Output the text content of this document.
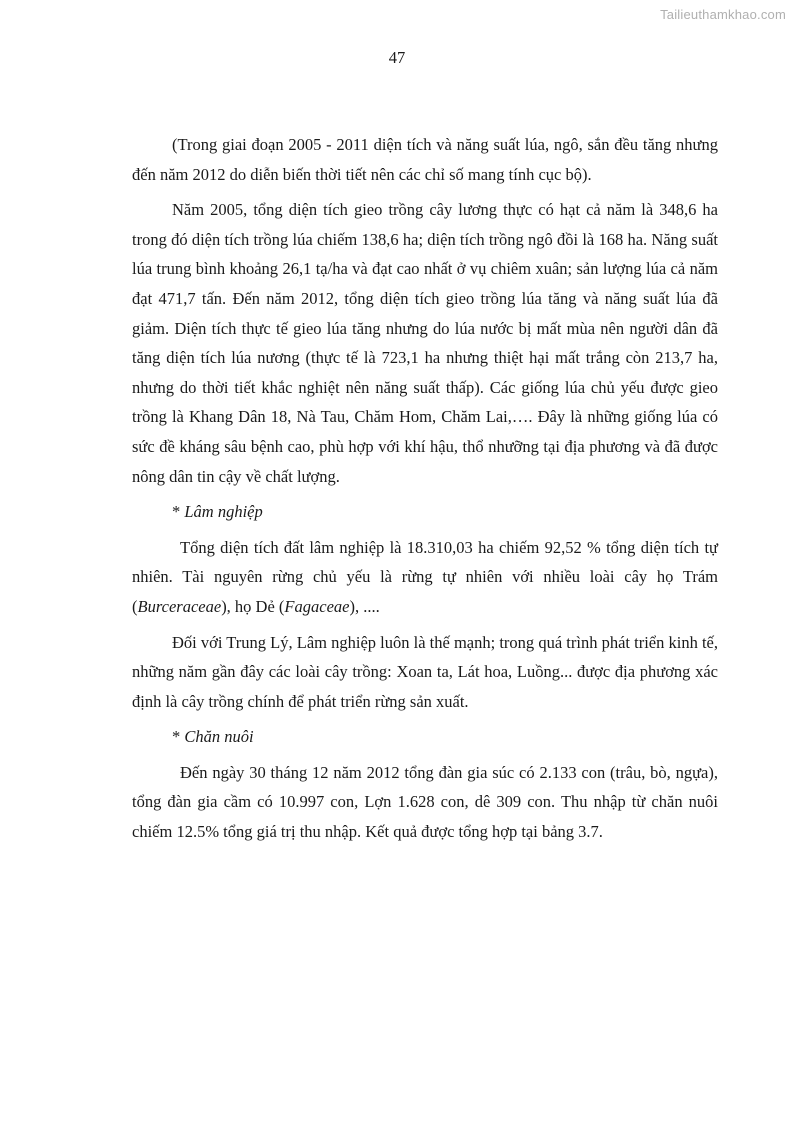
Tailieuthamkhao.com
47

(Trong giai đoạn 2005 - 2011 diện tích và năng suất lúa, ngô, sắn đều tăng nhưng đến năm 2012 do diễn biến thời tiết nên các chỉ số mang tính cục bộ).

Năm 2005, tổng diện tích gieo trồng cây lương thực có hạt cả năm là 348,6 ha trong đó diện tích trồng lúa chiếm 138,6 ha; diện tích trồng ngô đồi là 168 ha. Năng suất lúa trung bình khoảng 26,1 tạ/ha và đạt cao nhất ở vụ chiêm xuân; sản lượng lúa cả năm đạt 471,7 tấn. Đến năm 2012, tổng diện tích gieo trồng lúa tăng và năng suất lúa đã giảm. Diện tích thực tế gieo lúa tăng nhưng do lúa nước bị mất mùa nên người dân đã tăng diện tích lúa nương (thực tế là 723,1 ha nhưng thiệt hại mất trắng còn 213,7 ha, nhưng do thời tiết khắc nghiệt nên năng suất thấp). Các giống lúa chủ yếu được gieo trồng là Khang Dân 18, Nà Tau, Chăm Hom, Chăm Lai,…. Đây là những giống lúa có sức đề kháng sâu bệnh cao, phù hợp với khí hậu, thổ nhưỡng tại địa phương và đã được nông dân tin cậy về chất lượng.

* Lâm nghiệp

Tổng diện tích đất lâm nghiệp là 18.310,03 ha chiếm 92,52 % tổng diện tích tự nhiên. Tài nguyên rừng chủ yếu là rừng tự nhiên với nhiều loài cây họ Trám (Burceraceae), họ Dẻ (Fagaceae), ....

Đối với Trung Lý, Lâm nghiệp luôn là thế mạnh; trong quá trình phát triển kinh tế, những năm gần đây các loài cây trồng: Xoan ta, Lát hoa, Luồng... được địa phương xác định là cây trồng chính để phát triển rừng sản xuất.

* Chăn nuôi

Đến ngày 30 tháng 12 năm 2012 tổng đàn gia súc có 2.133 con (trâu, bò, ngựa), tổng đàn gia cầm có 10.997 con, Lợn 1.628 con, dê 309 con. Thu nhập từ chăn nuôi chiếm 12.5% tổng giá trị thu nhập. Kết quả được tổng hợp tại bảng 3.7.
